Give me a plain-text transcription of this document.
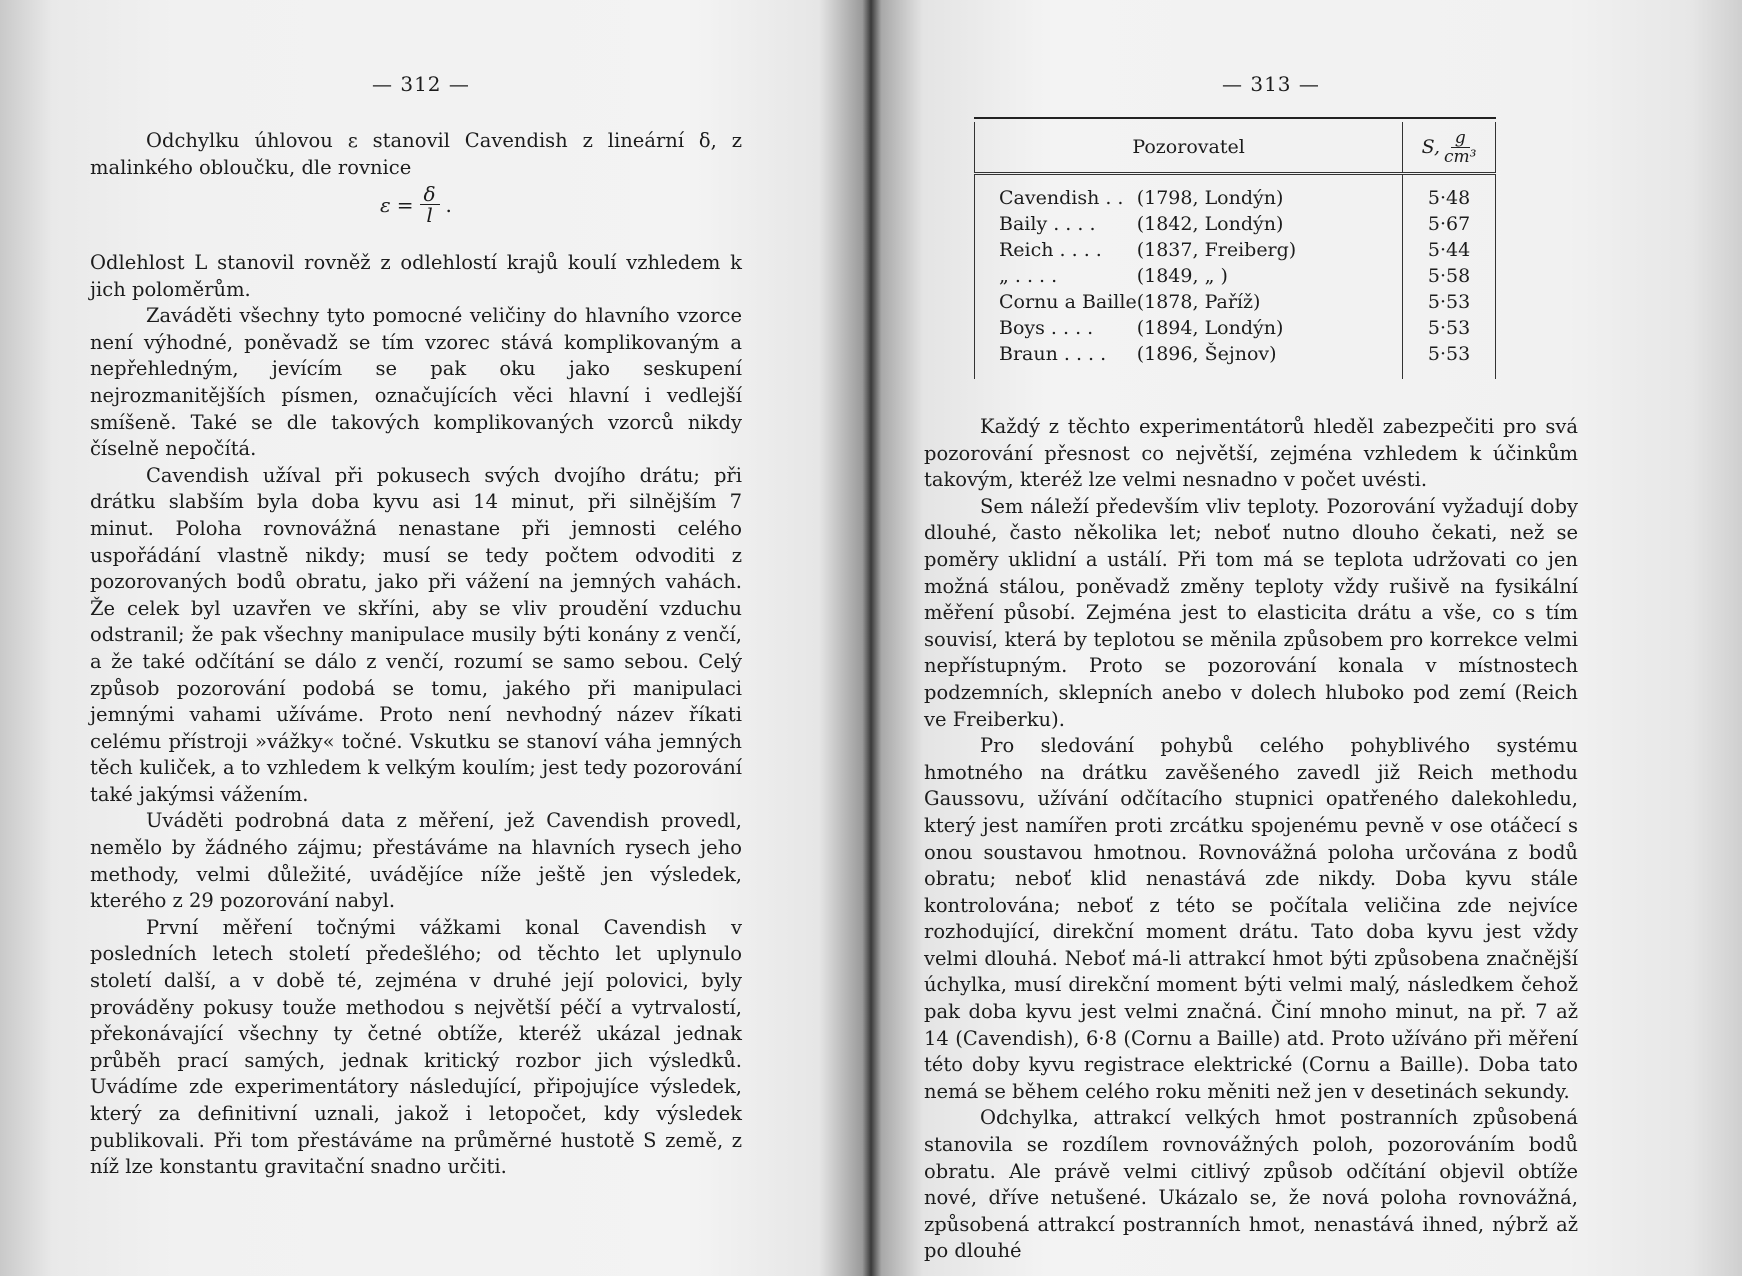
— 312 —

Odchylku úhlovou ε stanovil Cavendish z lineární δ, z malinkého obloučku, dle rovnice

$\varepsilon = \frac{\delta}{l}$ .

Odlehlost L stanovil rovněž z odlehlostí krajů koulí vzhledem k jich poloměrům.

Zaváděti všechny tyto pomocné veličiny do hlavního vzorce není výhodné, poněvadž se tím vzorec stává komplikovaným a nepřehledným, jevícím se pak oku jako seskupení nejrozmanitějších písmen, označujících věci hlavní i vedlejší smíšeně. Také se dle takových komplikovaných vzorců nikdy číselně nepočítá.

Cavendish užíval při pokusech svých dvojího drátu; při drátku slabším byla doba kyvu asi 14 minut, při silnějším 7 minut. Poloha rovnovážná nenastane při jemnosti celého uspořádání vlastně nikdy; musí se tedy počtem odvoditi z pozorovaných bodů obratu, jako při vážení na jemných vahách. Že celek byl uzavřen ve skříni, aby se vliv proudění vzduchu odstranil; že pak všechny manipulace musily býti konány z venčí, a že také odčítání se dálo z venčí, rozumí se samo sebou. Celý způsob pozorování podobá se tomu, jakého při manipulaci jemnými vahami užíváme. Proto není nevhodný název říkati celému přístroji »vážky« točné. Vskutku se stanoví váha jemných těch kuliček, a to vzhledem k velkým koulím; jest tedy pozorování také jakýmsi vážením.

Uváděti podrobná data z měření, jež Cavendish provedl, nemělo by žádného zájmu; přestáváme na hlavních rysech jeho methody, velmi důležité, uvádějíce níže ještě jen výsledek, kterého z 29 pozorování nabyl.

První měření točnými vážkami konal Cavendish v posledních letech století předešlého; od těchto let uplynulo století další, a v době té, zejména v druhé její polovici, byly prováděny pokusy touže methodou s největší péčí a vytrvalostí, překonávající všechny ty četné obtíže, kteréž ukázal jednak průběh prací samých, jednak kritický rozbor jich výsledků. Uvádíme zde experimentátory následující, připojujíce výsledek, který za definitivní uznali, jakož i letopočet, kdy výsledek publikovali. Při tom přestáváme na průměrné hustotě S země, z níž lze konstantu gravitační snadno určiti.

— 313 —
Pozorovatel		S, $\frac{g}{\text{cm³}}$

Cavendish . .	(1798, Londýn)	5·48
Baily . . . .	(1842, Londýn)	5·67
Reich . . . .	(1837, Freiberg)	5·44
„ . . . .	(1849, „ )	5·58
Cornu a Baille	(1878, Paříž)	5·53
Boys . . . .	(1894, Londýn)	5·53
Braun . . . .	(1896, Šejnov)	5·53

Každý z těchto experimentátorů hleděl zabezpečiti pro svá pozorování přesnost co největší, zejména vzhledem k účinkům takovým, kteréž lze velmi nesnadno v počet uvésti.

Sem náleží především vliv teploty. Pozorování vyžadují doby dlouhé, často několika let; neboť nutno dlouho čekati, než se poměry uklidní a ustálí. Při tom má se teplota udržovati co jen možná stálou, poněvadž změny teploty vždy rušivě na fysikální měření působí. Zejména jest to elasticita drátu a vše, co s tím souvisí, která by teplotou se měnila způsobem pro korrekce velmi nepřístupným. Proto se pozorování konala v místnostech podzemních, sklepních anebo v dolech hluboko pod zemí (Reich ve Freiberku).

Pro sledování pohybů celého pohyblivého systému hmotného na drátku zavěšeného zavedl již Reich methodu Gaussovu, užívání odčítacího stupnici opatřeného dalekohledu, který jest namířen proti zrcátku spojenému pevně v ose otáčecí s onou soustavou hmotnou. Rovnovážná poloha určována z bodů obratu; neboť klid nenastává zde nikdy. Doba kyvu stále kontrolována; neboť z této se počítala veličina zde nejvíce rozhodující, direkční moment drátu. Tato doba kyvu jest vždy velmi dlouhá. Neboť má-li attrakcí hmot býti způsobena značnější úchylka, musí direkční moment býti velmi malý, následkem čehož pak doba kyvu jest velmi značná. Činí mnoho minut, na př. 7 až 14 (Cavendish), 6·8 (Cornu a Baille) atd. Proto užíváno při měření této doby kyvu registrace elektrické (Cornu a Baille). Doba tato nemá se během celého roku měniti než jen v desetinách sekundy.

Odchylka, attrakcí velkých hmot postranních způsobená stanovila se rozdílem rovnovážných poloh, pozorováním bodů obratu. Ale právě velmi citlivý způsob odčítání objevil obtíže nové, dříve netušené. Ukázalo se, že nová poloha rovnovážná, způsobená attrakcí postranních hmot, nenastává ihned, nýbrž až po dlouhé
